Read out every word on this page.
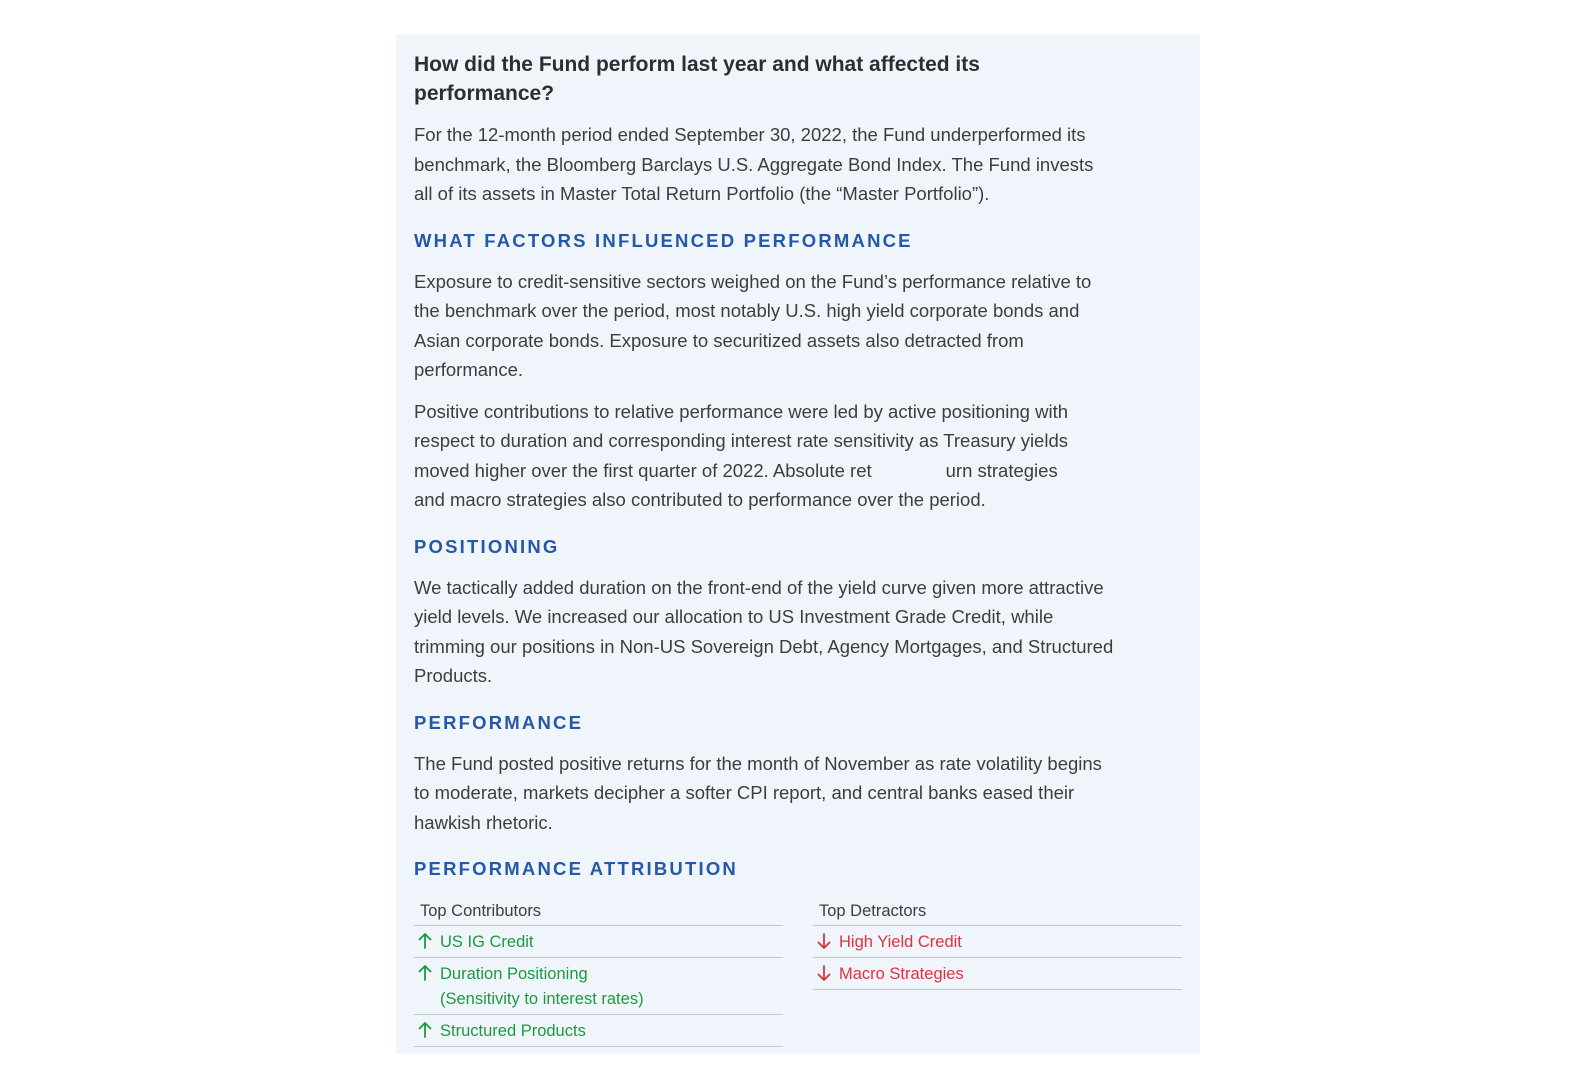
How did the Fund perform last year and what affected its performance?

For the 12-month period ended September 30, 2022, the Fund underperformed its benchmark, the Bloomberg Barclays U.S. Aggregate Bond Index. The Fund invests all of its assets in Master Total Return Portfolio (the “Master Portfolio”).

WHAT FACTORS INFLUENCED PERFORMANCE

Exposure to credit-sensitive sectors weighed on the Fund’s performance relative to the benchmark over the period, most notably U.S. high yield corporate bonds and Asian corporate bonds. Exposure to securitized assets also detracted from performance.

Positive contributions to relative performance were led by active positioning with respect to duration and corresponding interest rate sensitivity as Treasury yields moved higher over the first quarter of 2022. Absolute ret	urn strategies
and macro strategies also contributed to performance over the period.

POSITIONING

We tactically added duration on the front-end of the yield curve given more attractive yield levels. We increased our allocation to US Investment Grade Credit, while trimming our positions in Non-US Sovereign Debt, Agency Mortgages, and Structured Products.

PERFORMANCE

The Fund posted positive returns for the month of November as rate volatility begins to moderate, markets decipher a softer CPI report, and central banks eased their hawkish rhetoric.

PERFORMANCE ATTRIBUTION
Top Contributors
US IG Credit
Duration Positioning
(Sensitivity to interest rates)
Structured Products
Top Detractors
High Yield Credit
Macro Strategies
